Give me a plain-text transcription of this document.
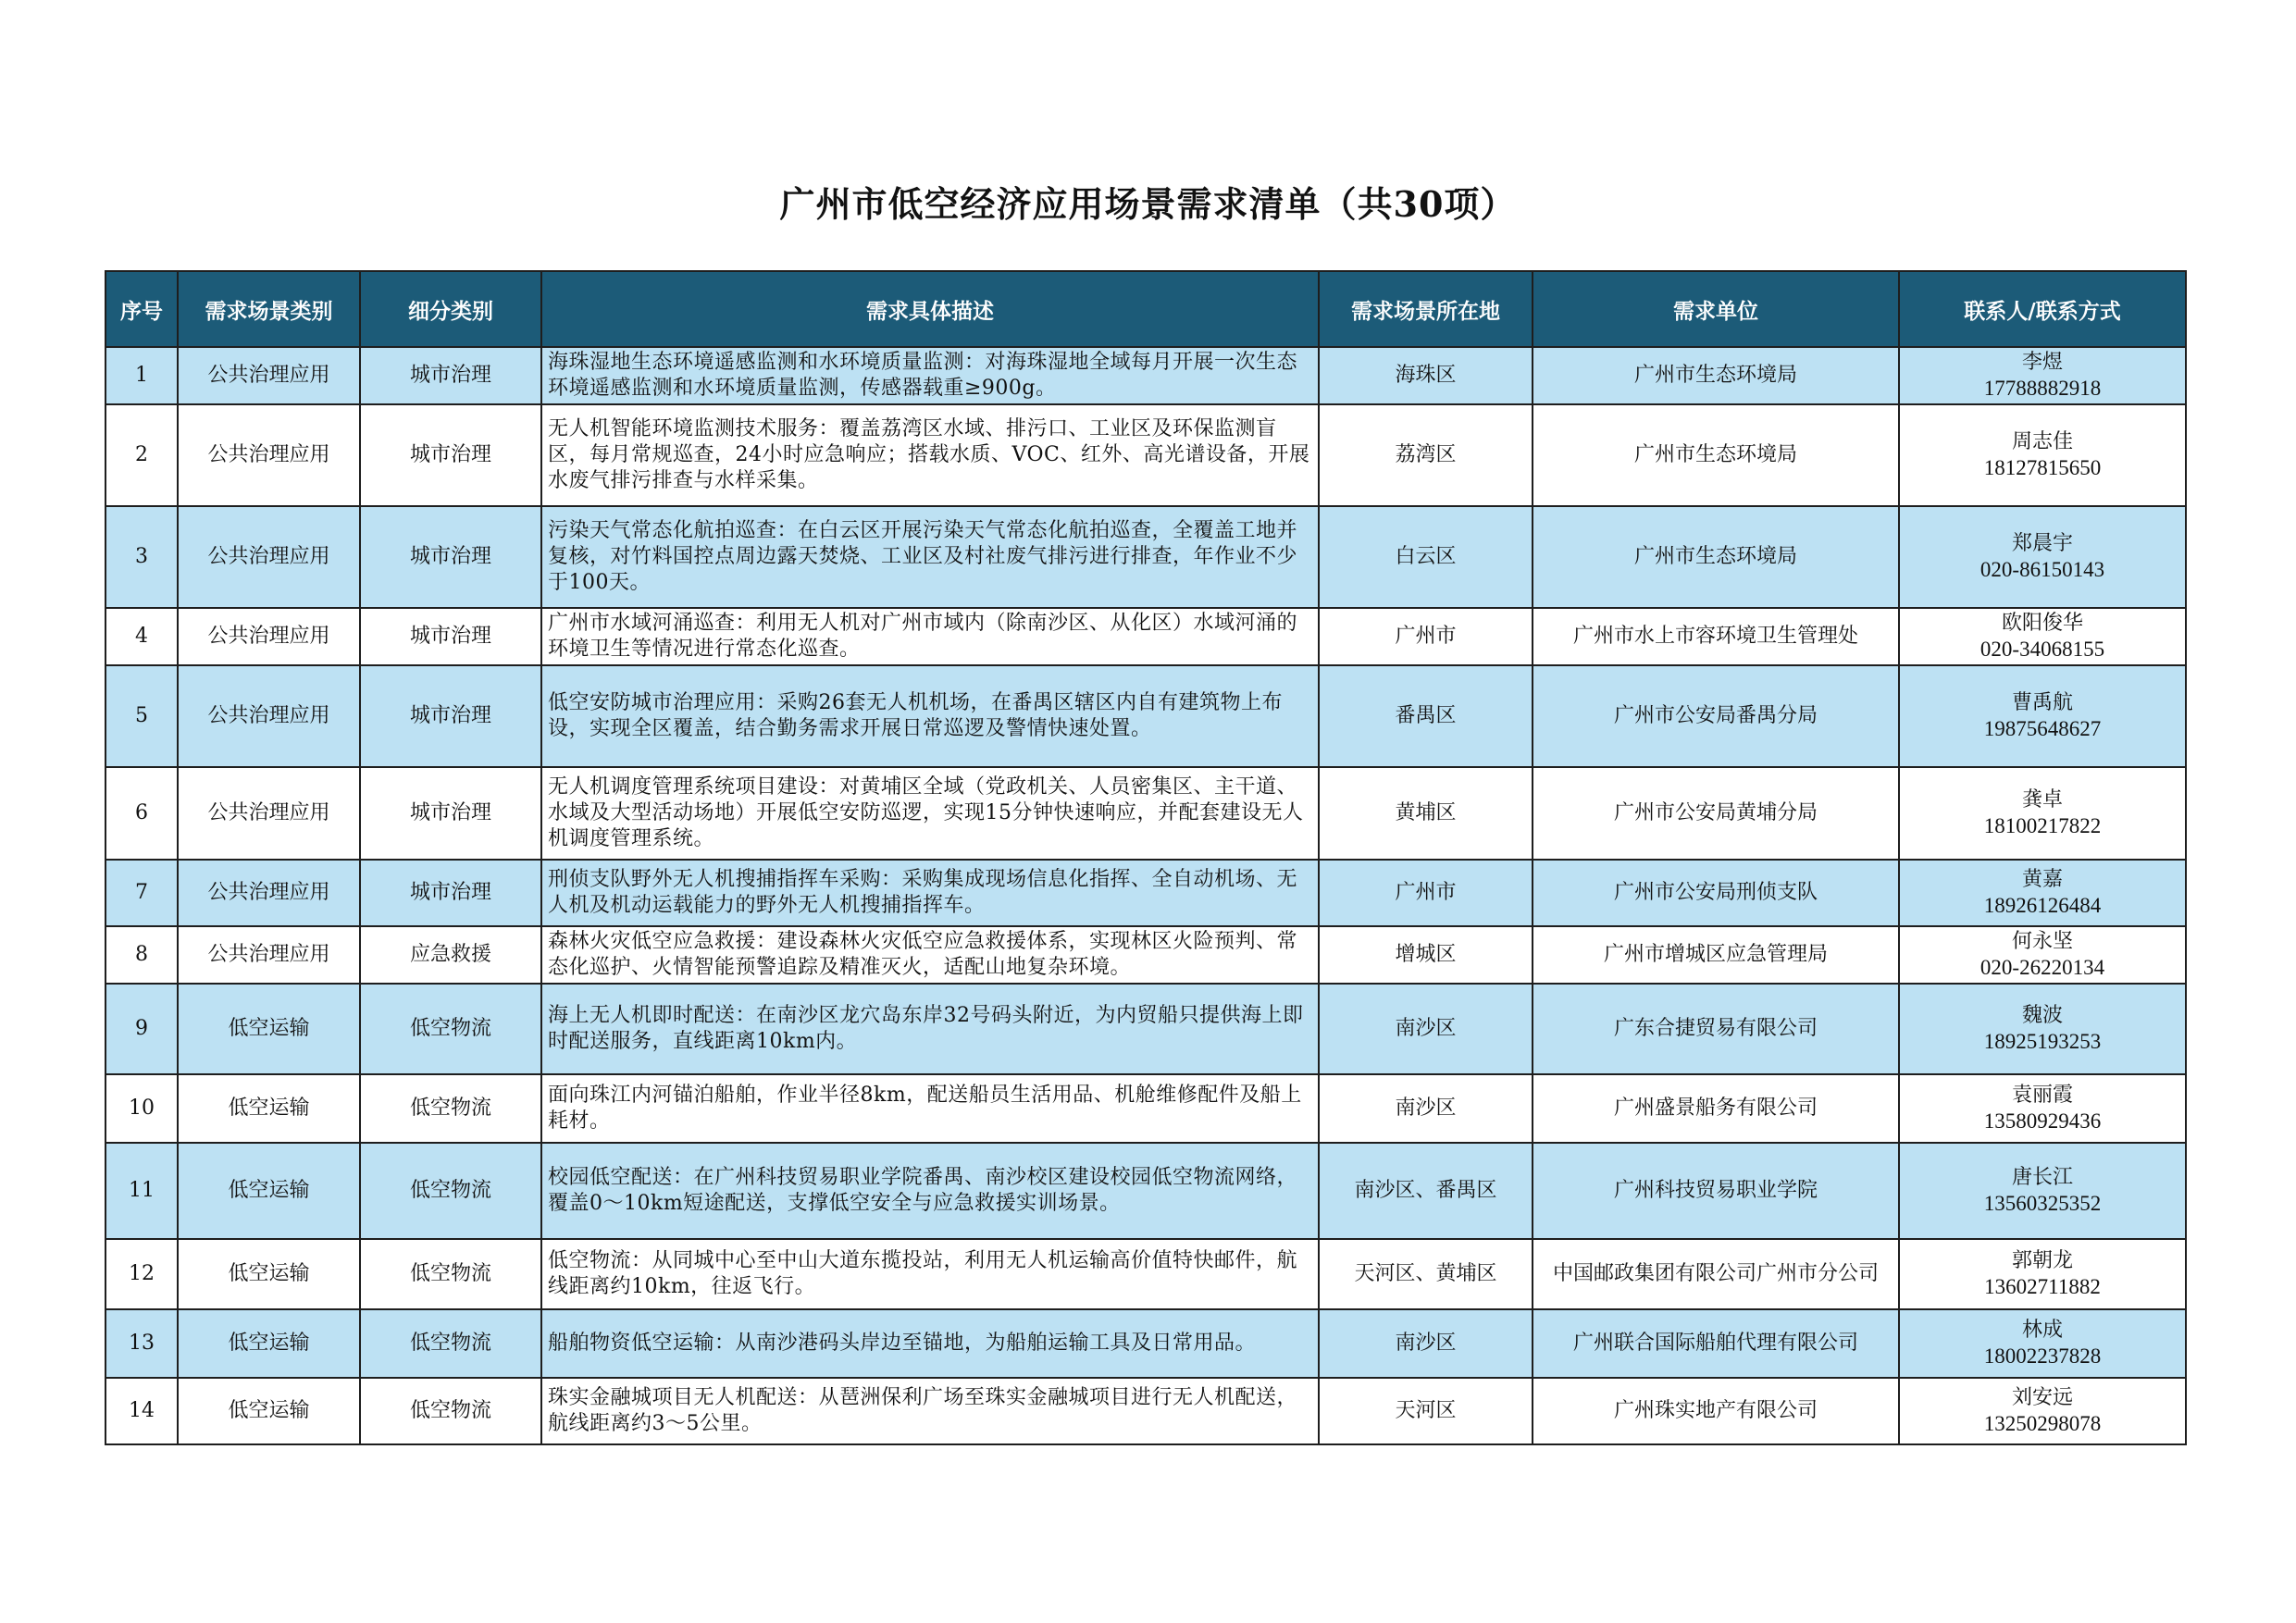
广州市低空经济应用场景需求清单（共30项）
序号	需求场景类别	细分类别	需求具体描述	需求场景所在地	需求单位	联系人/联系方式
1	公共治理应用	城市治理	海珠湿地生态环境遥感监测和水环境质量监测：对海珠湿地全域每月开展一次生态环境遥感监测和水环境质量监测，传感器载重≥900g。	海珠区	广州市生态环境局	李煜
17788882918

2	公共治理应用	城市治理	无人机智能环境监测技术服务：覆盖荔湾区水域、排污口、工业区及环保监测盲区，每月常规巡查，24小时应急响应；搭载水质、VOC、红外、高光谱设备，开展水废气排污排查与水样采集。	荔湾区	广州市生态环境局	周志佳
18127815650

3	公共治理应用	城市治理	污染天气常态化航拍巡查：在白云区开展污染天气常态化航拍巡查，全覆盖工地并复核，对竹料国控点周边露天焚烧、工业区及村社废气排污进行排查，年作业不少于100天。	白云区	广州市生态环境局	郑晨宇
020-86150143

4	公共治理应用	城市治理	广州市水域河涌巡查：利用无人机对广州市域内（除南沙区、从化区）水域河涌的环境卫生等情况进行常态化巡查。	广州市	广州市水上市容环境卫生管理处	欧阳俊华
020-34068155

5	公共治理应用	城市治理	低空安防城市治理应用：采购26套无人机机场，在番禺区辖区内自有建筑物上布设，实现全区覆盖，结合勤务需求开展日常巡逻及警情快速处置。	番禺区	广州市公安局番禺分局	曹禹航
19875648627

6	公共治理应用	城市治理	无人机调度管理系统项目建设：对黄埔区全域（党政机关、人员密集区、主干道、水域及大型活动场地）开展低空安防巡逻，实现15分钟快速响应，并配套建设无人机调度管理系统。	黄埔区	广州市公安局黄埔分局	龚卓
18100217822

7	公共治理应用	城市治理	刑侦支队野外无人机搜捕指挥车采购：采购集成现场信息化指挥、全自动机场、无人机及机动运载能力的野外无人机搜捕指挥车。	广州市	广州市公安局刑侦支队	黄嘉
18926126484

8	公共治理应用	应急救援	森林火灾低空应急救援：建设森林火灾低空应急救援体系，实现林区火险预判、常态化巡护、火情智能预警追踪及精准灭火，适配山地复杂环境。	增城区	广州市增城区应急管理局	何永坚
020-26220134

9	低空运输	低空物流	海上无人机即时配送：在南沙区龙穴岛东岸32号码头附近，为内贸船只提供海上即时配送服务，直线距离10km内。	南沙区	广东合捷贸易有限公司	魏波
18925193253

10	低空运输	低空物流	面向珠江内河锚泊船舶，作业半径8km，配送船员生活用品、机舱维修配件及船上耗材。	南沙区	广州盛景船务有限公司	袁丽霞
13580929436

11	低空运输	低空物流	校园低空配送：在广州科技贸易职业学院番禺、南沙校区建设校园低空物流网络，覆盖0～10km短途配送，支撑低空安全与应急救援实训场景。	南沙区、番禺区	广州科技贸易职业学院	唐长江
13560325352

12	低空运输	低空物流	低空物流：从同城中心至中山大道东揽投站，利用无人机运输高价值特快邮件，航线距离约10km，往返飞行。	天河区、黄埔区	中国邮政集团有限公司广州市分公司	郭朝龙
13602711882

13	低空运输	低空物流	船舶物资低空运输：从南沙港码头岸边至锚地，为船舶运输工具及日常用品。	南沙区	广州联合国际船舶代理有限公司	林成
18002237828

14	低空运输	低空物流	珠实金融城项目无人机配送：从琶洲保利广场至珠实金融城项目进行无人机配送，航线距离约3～5公里。	天河区	广州珠实地产有限公司	刘安远
13250298078
